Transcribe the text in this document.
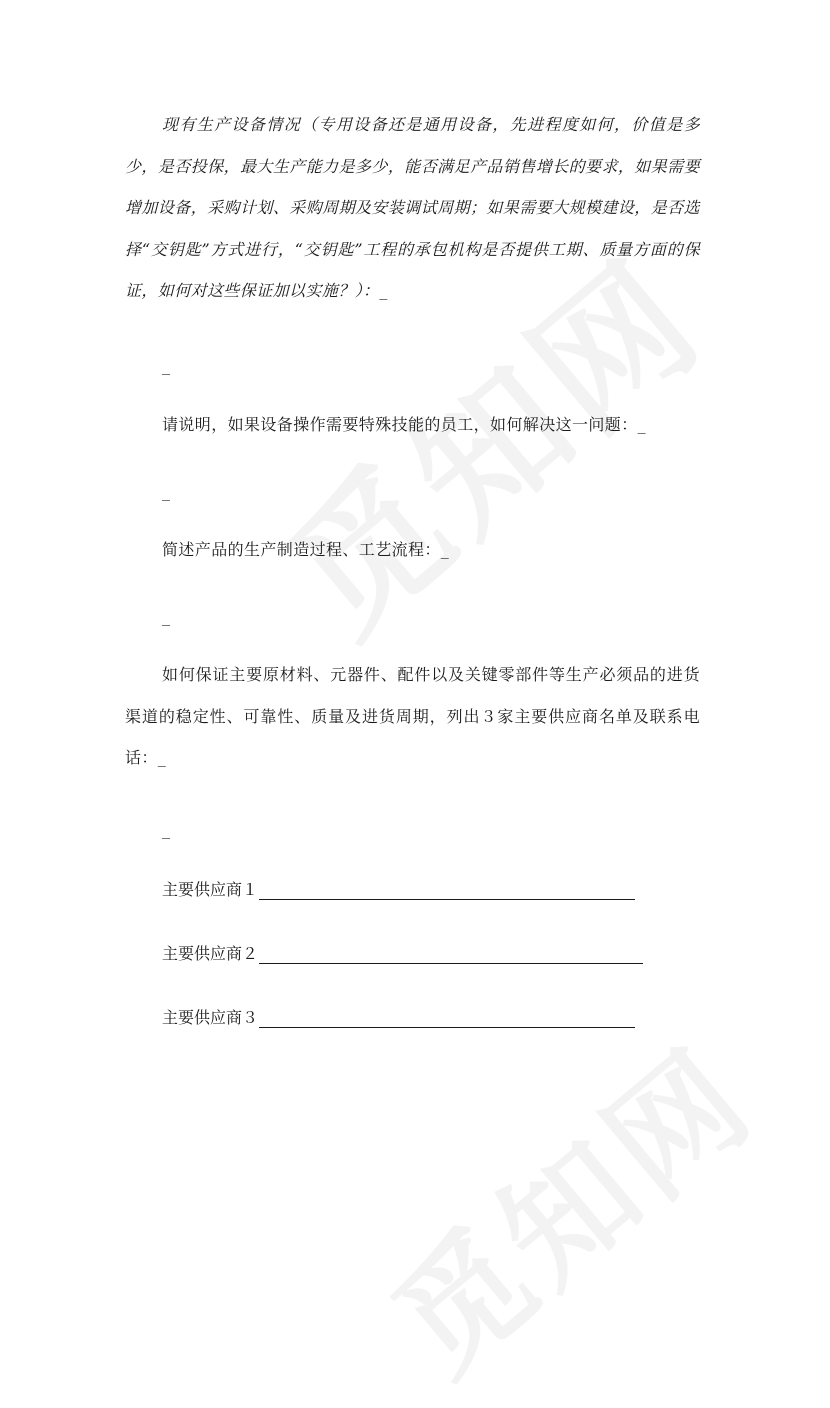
现有生产设备情况（专用设备还是通用设备，先进程度如何，价值是多少，是否投保，最大生产能力是多少，能否满足产品销售增长的要求，如果需要增加设备，采购计划、采购周期及安装调试周期；如果需要大规模建设，是否选择“交钥匙”方式进行，“交钥匙”工程的承包机构是否提供工期、质量方面的保证，如何对这些保证加以实施？）：_

_

请说明，如果设备操作需要特殊技能的员工，如何解决这一问题：_

_

简述产品的生产制造过程、工艺流程：_

_

如何保证主要原材料、元器件、配件以及关键零部件等生产必须品的进货渠道的稳定性、可靠性、质量及进货周期，列出３家主要供应商名单及联系电话：_

_
主要供应商１
主要供应商２
主要供应商３
